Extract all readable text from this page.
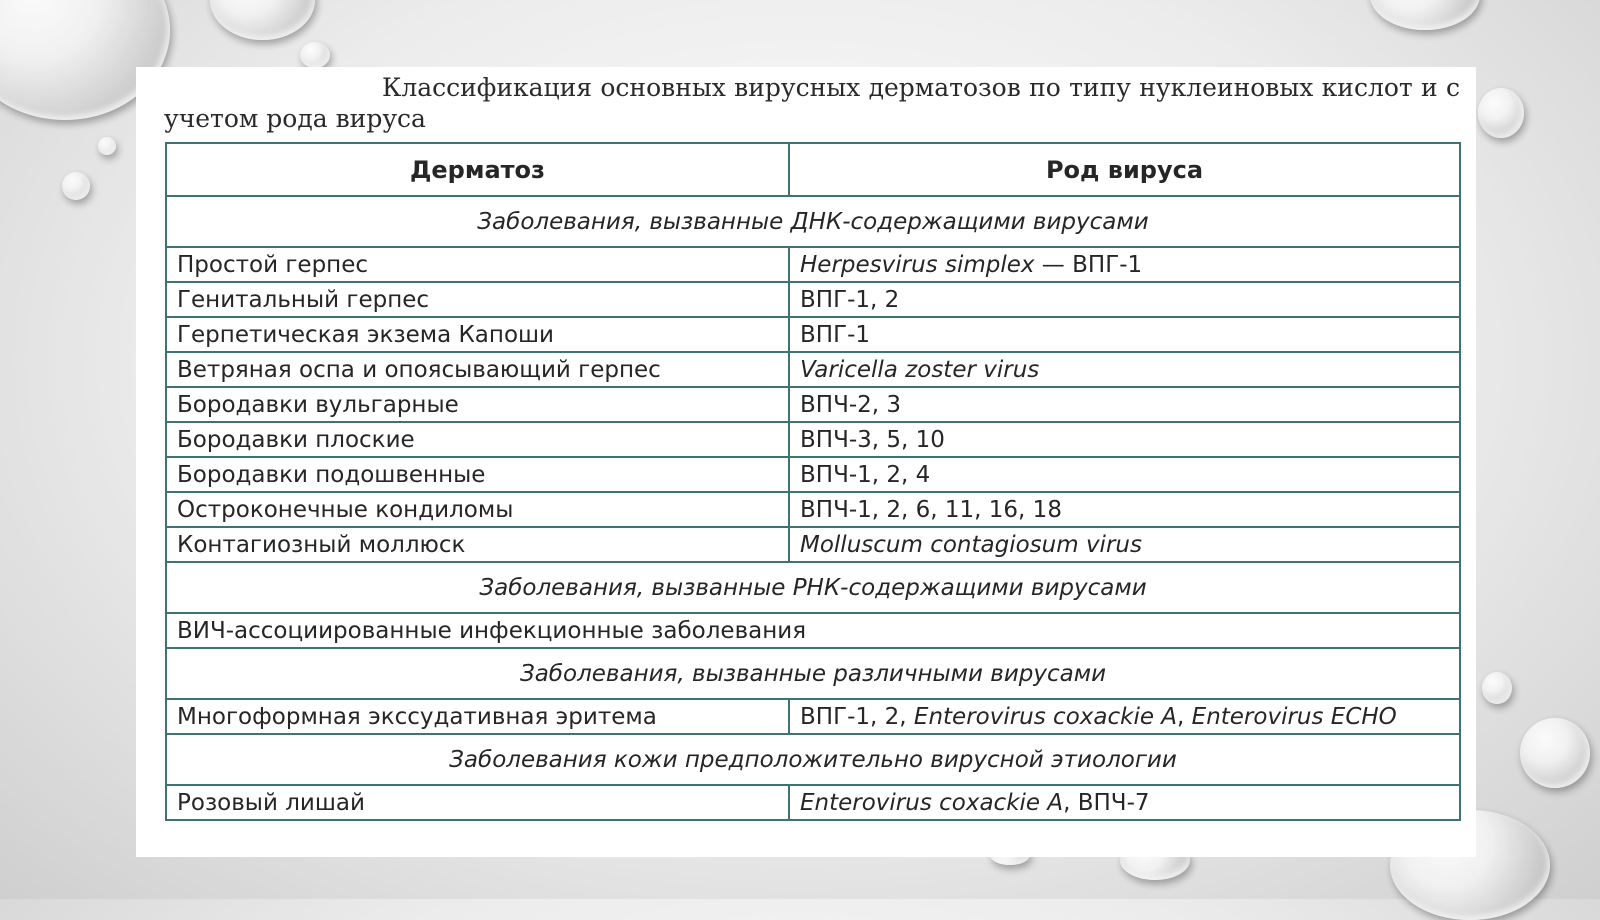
Классификация основных вирусных дерматозов по типу нуклеиновых кислот и с учетом рода вируса
Дерматоз	Род вируса
Заболевания, вызванные ДНК-содержащими вирусами	
Простой герпес	Herpesvirus simplex — ВПГ-1
Генитальный герпес	ВПГ-1, 2
Герпетическая экзема Капоши	ВПГ-1
Ветряная оспа и опоясывающий герпес	Varicella zoster virus
Бородавки вульгарные	ВПЧ-2, 3
Бородавки плоские	ВПЧ-3, 5, 10
Бородавки подошвенные	ВПЧ-1, 2, 4
Остроконечные кондиломы	ВПЧ-1, 2, 6, 11, 16, 18
Контагиозный моллюск	Molluscum contagiosum virus
Заболевания, вызванные РНК-содержащими вирусами	
ВИЧ-ассоциированные инфекционные заболевания	
Заболевания, вызванные различными вирусами	
Многоформная экссудативная эритема	ВПГ-1, 2, Enterovirus coxackie A, Enterovirus ECHO
Заболевания кожи предположительно вирусной этиологии	
Розовый лишай	Enterovirus coxackie A, ВПЧ-7
